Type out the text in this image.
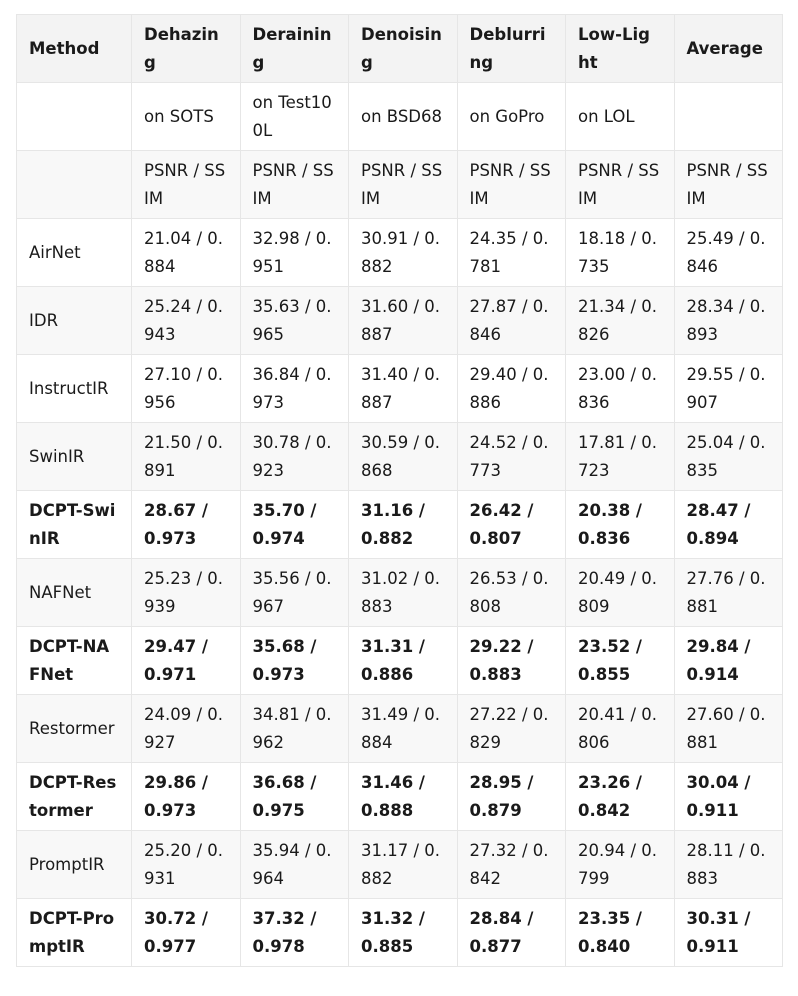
Method	Dehazing	Deraining	Denoising	Deblurring	Low-Light	Average
	on SOTS	on Test100L	on BSD68	on GoPro	on LOL	
	PSNR / SSIM	PSNR / SSIM	PSNR / SSIM	PSNR / SSIM	PSNR / SSIM	PSNR / SSIM
AirNet	21.04 / 0.884	32.98 / 0.951	30.91 / 0.882	24.35 / 0.781	18.18 / 0.735	25.49 / 0.846
IDR	25.24 / 0.943	35.63 / 0.965	31.60 / 0.887	27.87 / 0.846	21.34 / 0.826	28.34 / 0.893
InstructIR	27.10 / 0.956	36.84 / 0.973	31.40 / 0.887	29.40 / 0.886	23.00 / 0.836	29.55 / 0.907
SwinIR	21.50 / 0.891	30.78 / 0.923	30.59 / 0.868	24.52 / 0.773	17.81 / 0.723	25.04 / 0.835
DCPT-SwinIR	28.67 / 0.973	35.70 / 0.974	31.16 / 0.882	26.42 / 0.807	20.38 / 0.836	28.47 / 0.894
NAFNet	25.23 / 0.939	35.56 / 0.967	31.02 / 0.883	26.53 / 0.808	20.49 / 0.809	27.76 / 0.881
DCPT-NAFNet	29.47 / 0.971	35.68 / 0.973	31.31 / 0.886	29.22 / 0.883	23.52 / 0.855	29.84 / 0.914
Restormer	24.09 / 0.927	34.81 / 0.962	31.49 / 0.884	27.22 / 0.829	20.41 / 0.806	27.60 / 0.881
DCPT-Restormer	29.86 / 0.973	36.68 / 0.975	31.46 / 0.888	28.95 / 0.879	23.26 / 0.842	30.04 / 0.911
PromptIR	25.20 / 0.931	35.94 / 0.964	31.17 / 0.882	27.32 / 0.842	20.94 / 0.799	28.11 / 0.883
DCPT-PromptIR	30.72 / 0.977	37.32 / 0.978	31.32 / 0.885	28.84 / 0.877	23.35 / 0.840	30.31 / 0.911
